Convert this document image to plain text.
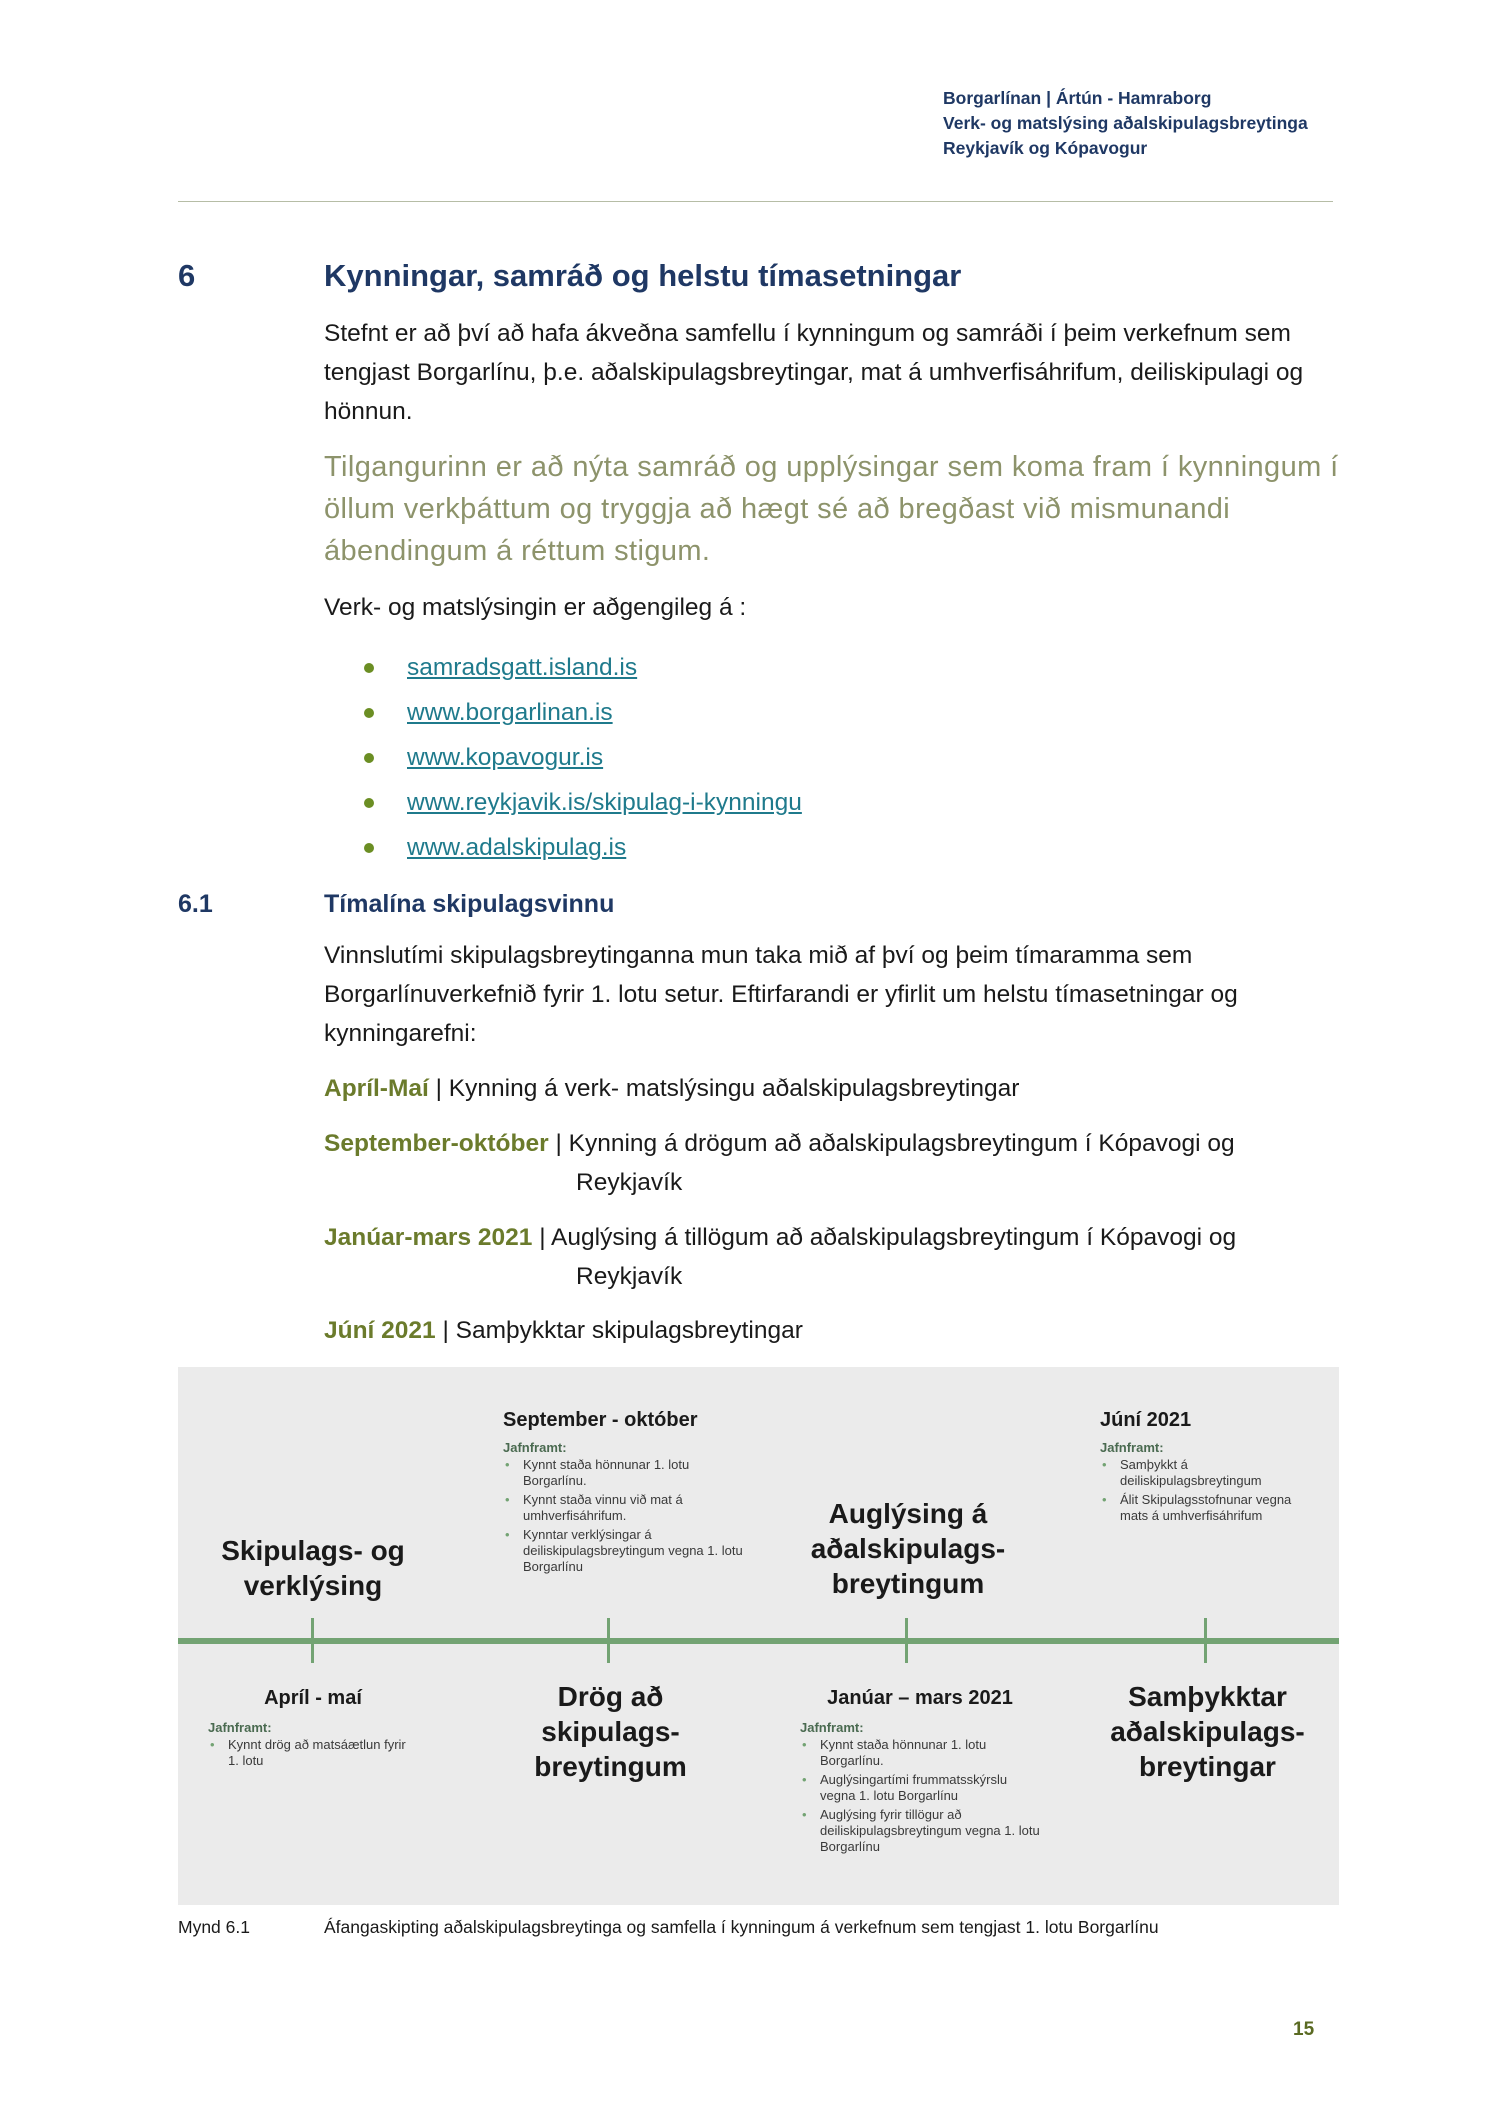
Borgarlínan | Ártún - Hamraborg
Verk- og matslýsing aðalskipulagsbreytinga
Reykjavík og Kópavogur
6	Kynningar, samráð og helstu tímasetningar
Stefnt er að því að hafa ákveðna samfellu í kynningum og samráði í þeim verkefnum sem tengjast Borgarlínu, þ.e. aðalskipulagsbreytingar, mat á umhverfisáhrifum, deiliskipulagi og hönnun.
Tilgangurinn er að nýta samráð og upplýsingar sem koma fram í kynningum í öllum verkþáttum og tryggja að hægt sé að bregðast við mismunandi ábendingum á réttum stigum.
Verk- og matslýsingin er aðgengileg á :
samradsgatt.island.is
www.borgarlinan.is
www.kopavogur.is
www.reykjavik.is/skipulag-i-kynningu
www.adalskipulag.is
6.1	Tímalína skipulagsvinnu
Vinnslutími skipulagsbreytinganna mun taka mið af því og þeim tímaramma sem Borgarlínuverkefnið fyrir 1. lotu setur. Eftirfarandi er yfirlit um helstu tímasetningar og kynningarefni:
Apríl-Maí | Kynning á verk- matslýsingu aðalskipulagsbreytingar
September-október | Kynning á drögum að aðalskipulagsbreytingum í Kópavogi og
Reykjavík
Janúar-mars 2021 | Auglýsing á tillögum að aðalskipulagsbreytingum í Kópavogi og
Reykjavík
Júní 2021 | Samþykktar skipulagsbreytingar
Skipulags- og verklýsing
September - október
Jafnframt:
• Kynnt staða hönnunar 1. lotu Borgarlínu.
• Kynnt staða vinnu við mat á umhverfisáhrifum.
• Kynntar verklýsingar á deiliskipulagsbreytingum vegna 1. lotu Borgarlínu
Auglýsing á aðalskipulags-breytingum
Júní 2021
Jafnframt:
• Samþykkt á deiliskipulagsbreytingum
• Álit Skipulagsstofnunar vegna mats á umhverfisáhrifum
Apríl - maí
Jafnframt:
• Kynnt drög að matsáætlun fyrir 1. lotu
Drög að skipulags-breytingum
Janúar – mars 2021
Jafnframt:
• Kynnt staða hönnunar 1. lotu Borgarlínu.
• Auglýsingartími frummatsskýrslu vegna 1. lotu Borgarlínu
• Auglýsing fyrir tillögur að deiliskipulagsbreytingum vegna 1. lotu Borgarlínu
Samþykktar aðalskipulags-breytingar
Mynd 6.1	Áfangaskipting aðalskipulagsbreytinga og samfella í kynningum á verkefnum sem tengjast 1. lotu Borgarlínu
15
